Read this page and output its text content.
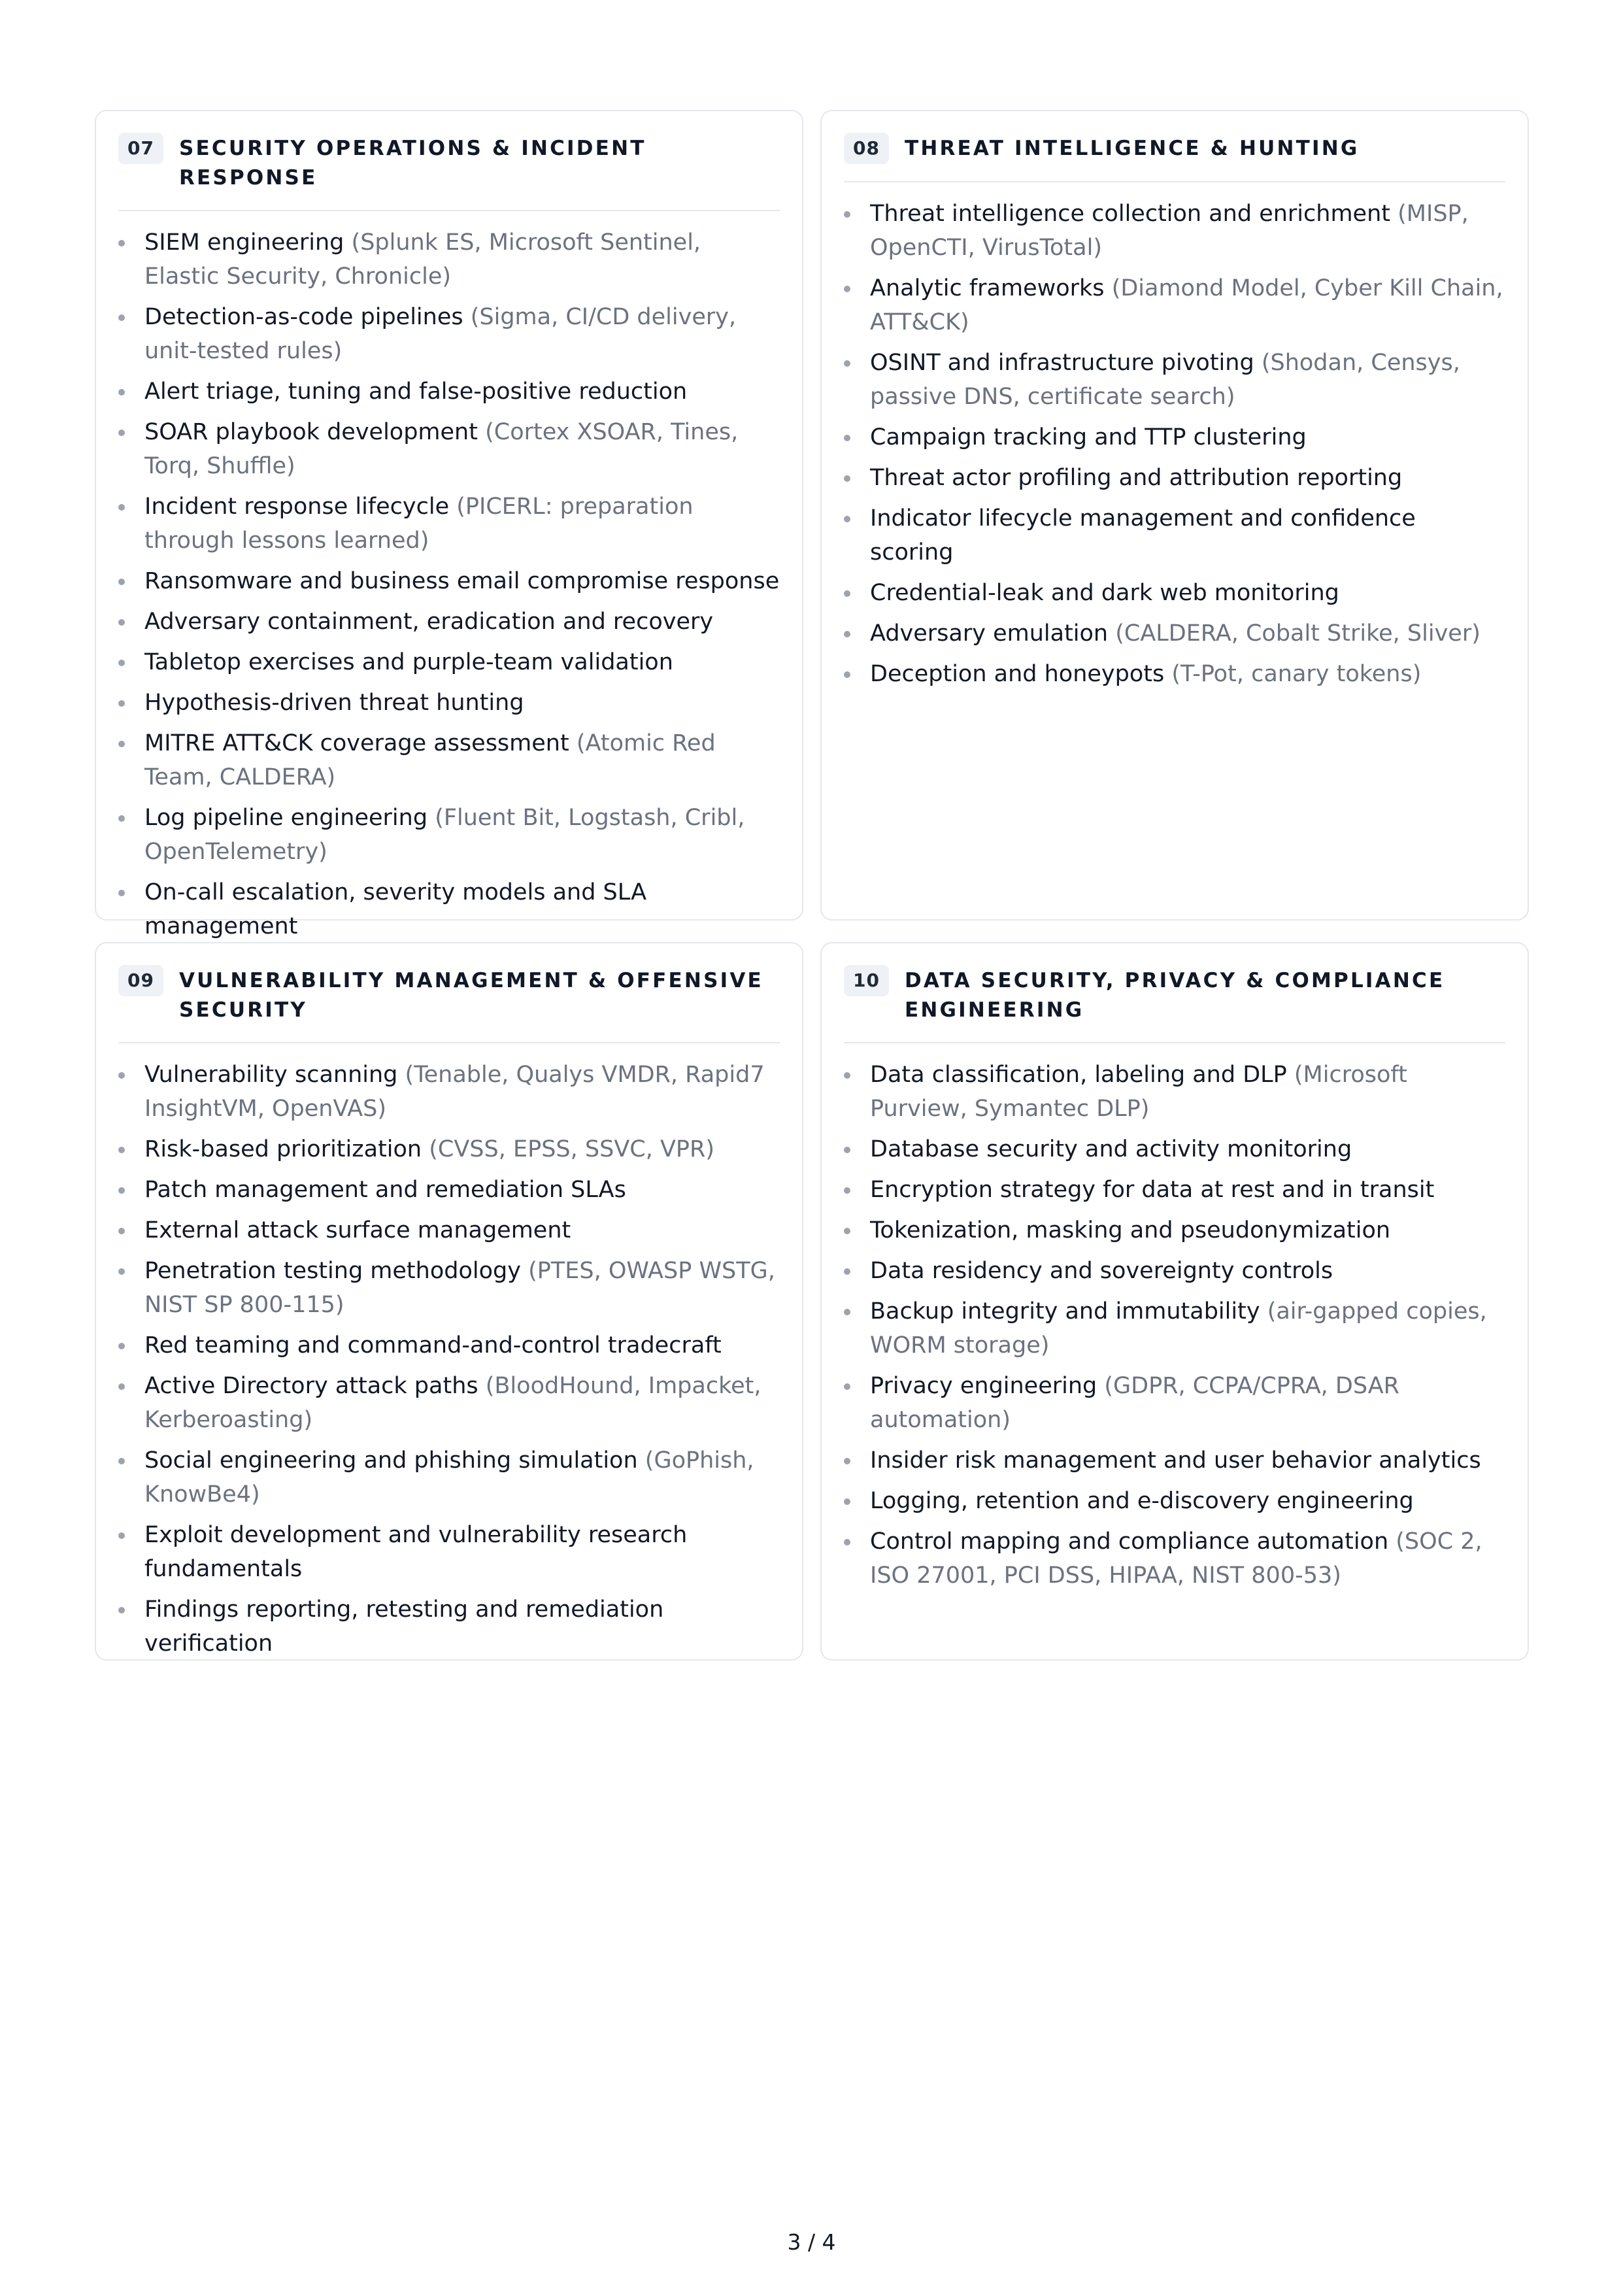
07	SECURITY OPERATIONS & INCIDENT RESPONSE
SIEM engineering (Splunk ES, Microsoft Sentinel, Elastic Security, Chronicle)
Detection-as-code pipelines (Sigma, CI/CD delivery, unit-tested rules)
Alert triage, tuning and false-positive reduction
SOAR playbook development (Cortex XSOAR, Tines, Torq, Shuffle)
Incident response lifecycle (PICERL: preparation through lessons learned)
Ransomware and business email compromise response
Adversary containment, eradication and recovery
Tabletop exercises and purple-team validation
Hypothesis-driven threat hunting
MITRE ATT&CK coverage assessment (Atomic Red Team, CALDERA)
Log pipeline engineering (Fluent Bit, Logstash, Cribl, OpenTelemetry)
On-call escalation, severity models and SLA management
08	THREAT INTELLIGENCE & HUNTING
Threat intelligence collection and enrichment (MISP, OpenCTI, VirusTotal)
Analytic frameworks (Diamond Model, Cyber Kill Chain, ATT&CK)
OSINT and infrastructure pivoting (Shodan, Censys, passive DNS, certificate search)
Campaign tracking and TTP clustering
Threat actor profiling and attribution reporting
Indicator lifecycle management and confidence scoring
Credential-leak and dark web monitoring
Adversary emulation (CALDERA, Cobalt Strike, Sliver)
Deception and honeypots (T-Pot, canary tokens)
09	VULNERABILITY MANAGEMENT & OFFENSIVE SECURITY
Vulnerability scanning (Tenable, Qualys VMDR, Rapid7 InsightVM, OpenVAS)
Risk-based prioritization (CVSS, EPSS, SSVC, VPR)
Patch management and remediation SLAs
External attack surface management
Penetration testing methodology (PTES, OWASP WSTG, NIST SP 800-115)
Red teaming and command-and-control tradecraft
Active Directory attack paths (BloodHound, Impacket, Kerberoasting)
Social engineering and phishing simulation (GoPhish, KnowBe4)
Exploit development and vulnerability research fundamentals
Findings reporting, retesting and remediation verification
10	DATA SECURITY, PRIVACY & COMPLIANCE ENGINEERING
Data classification, labeling and DLP (Microsoft Purview, Symantec DLP)
Database security and activity monitoring
Encryption strategy for data at rest and in transit
Tokenization, masking and pseudonymization
Data residency and sovereignty controls
Backup integrity and immutability (air-gapped copies, WORM storage)
Privacy engineering (GDPR, CCPA/CPRA, DSAR automation)
Insider risk management and user behavior analytics
Logging, retention and e-discovery engineering
Control mapping and compliance automation (SOC 2, ISO 27001, PCI DSS, HIPAA, NIST 800-53)
3 / 4
